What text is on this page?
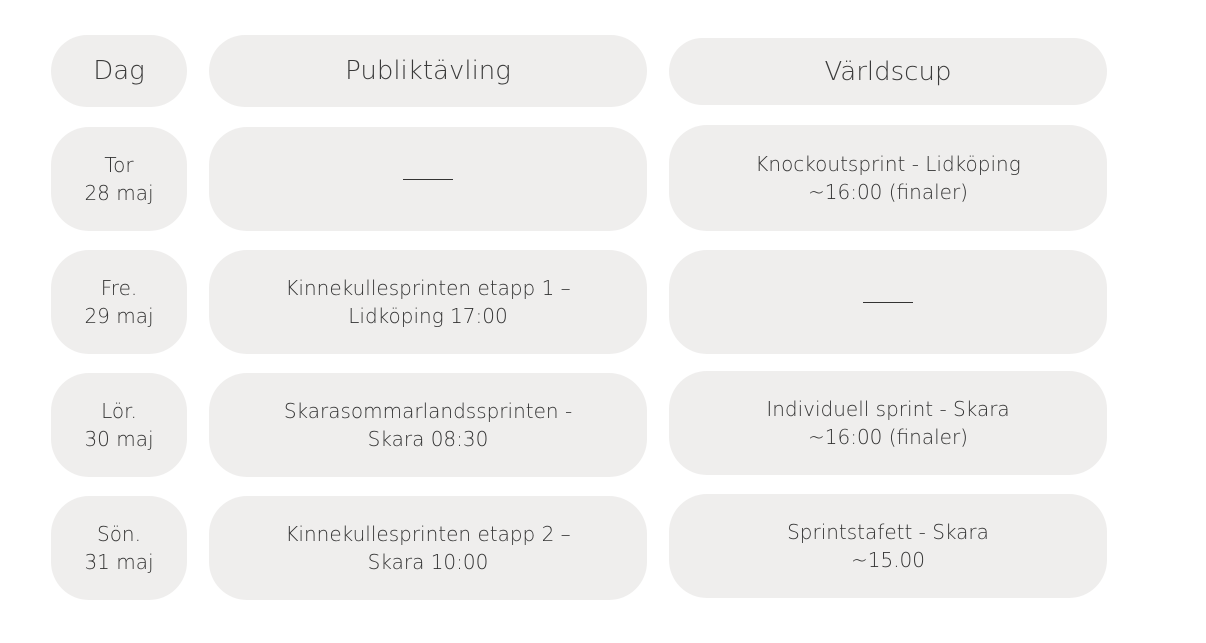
Dag	Publiktävling	Världscup
Tor
28 maj
Knockoutsprint - Lidköping
~16:00 (finaler)
Fre.
29 maj
Kinnekullesprinten etapp 1 –
Lidköping 17:00
Lör.
30 maj
Skarasommarlandssprinten -
Skara 08:30
Individuell sprint - Skara
~16:00 (finaler)
Sön.
31 maj
Kinnekullesprinten etapp 2 –
Skara 10:00
Sprintstafett - Skara
~15.00
